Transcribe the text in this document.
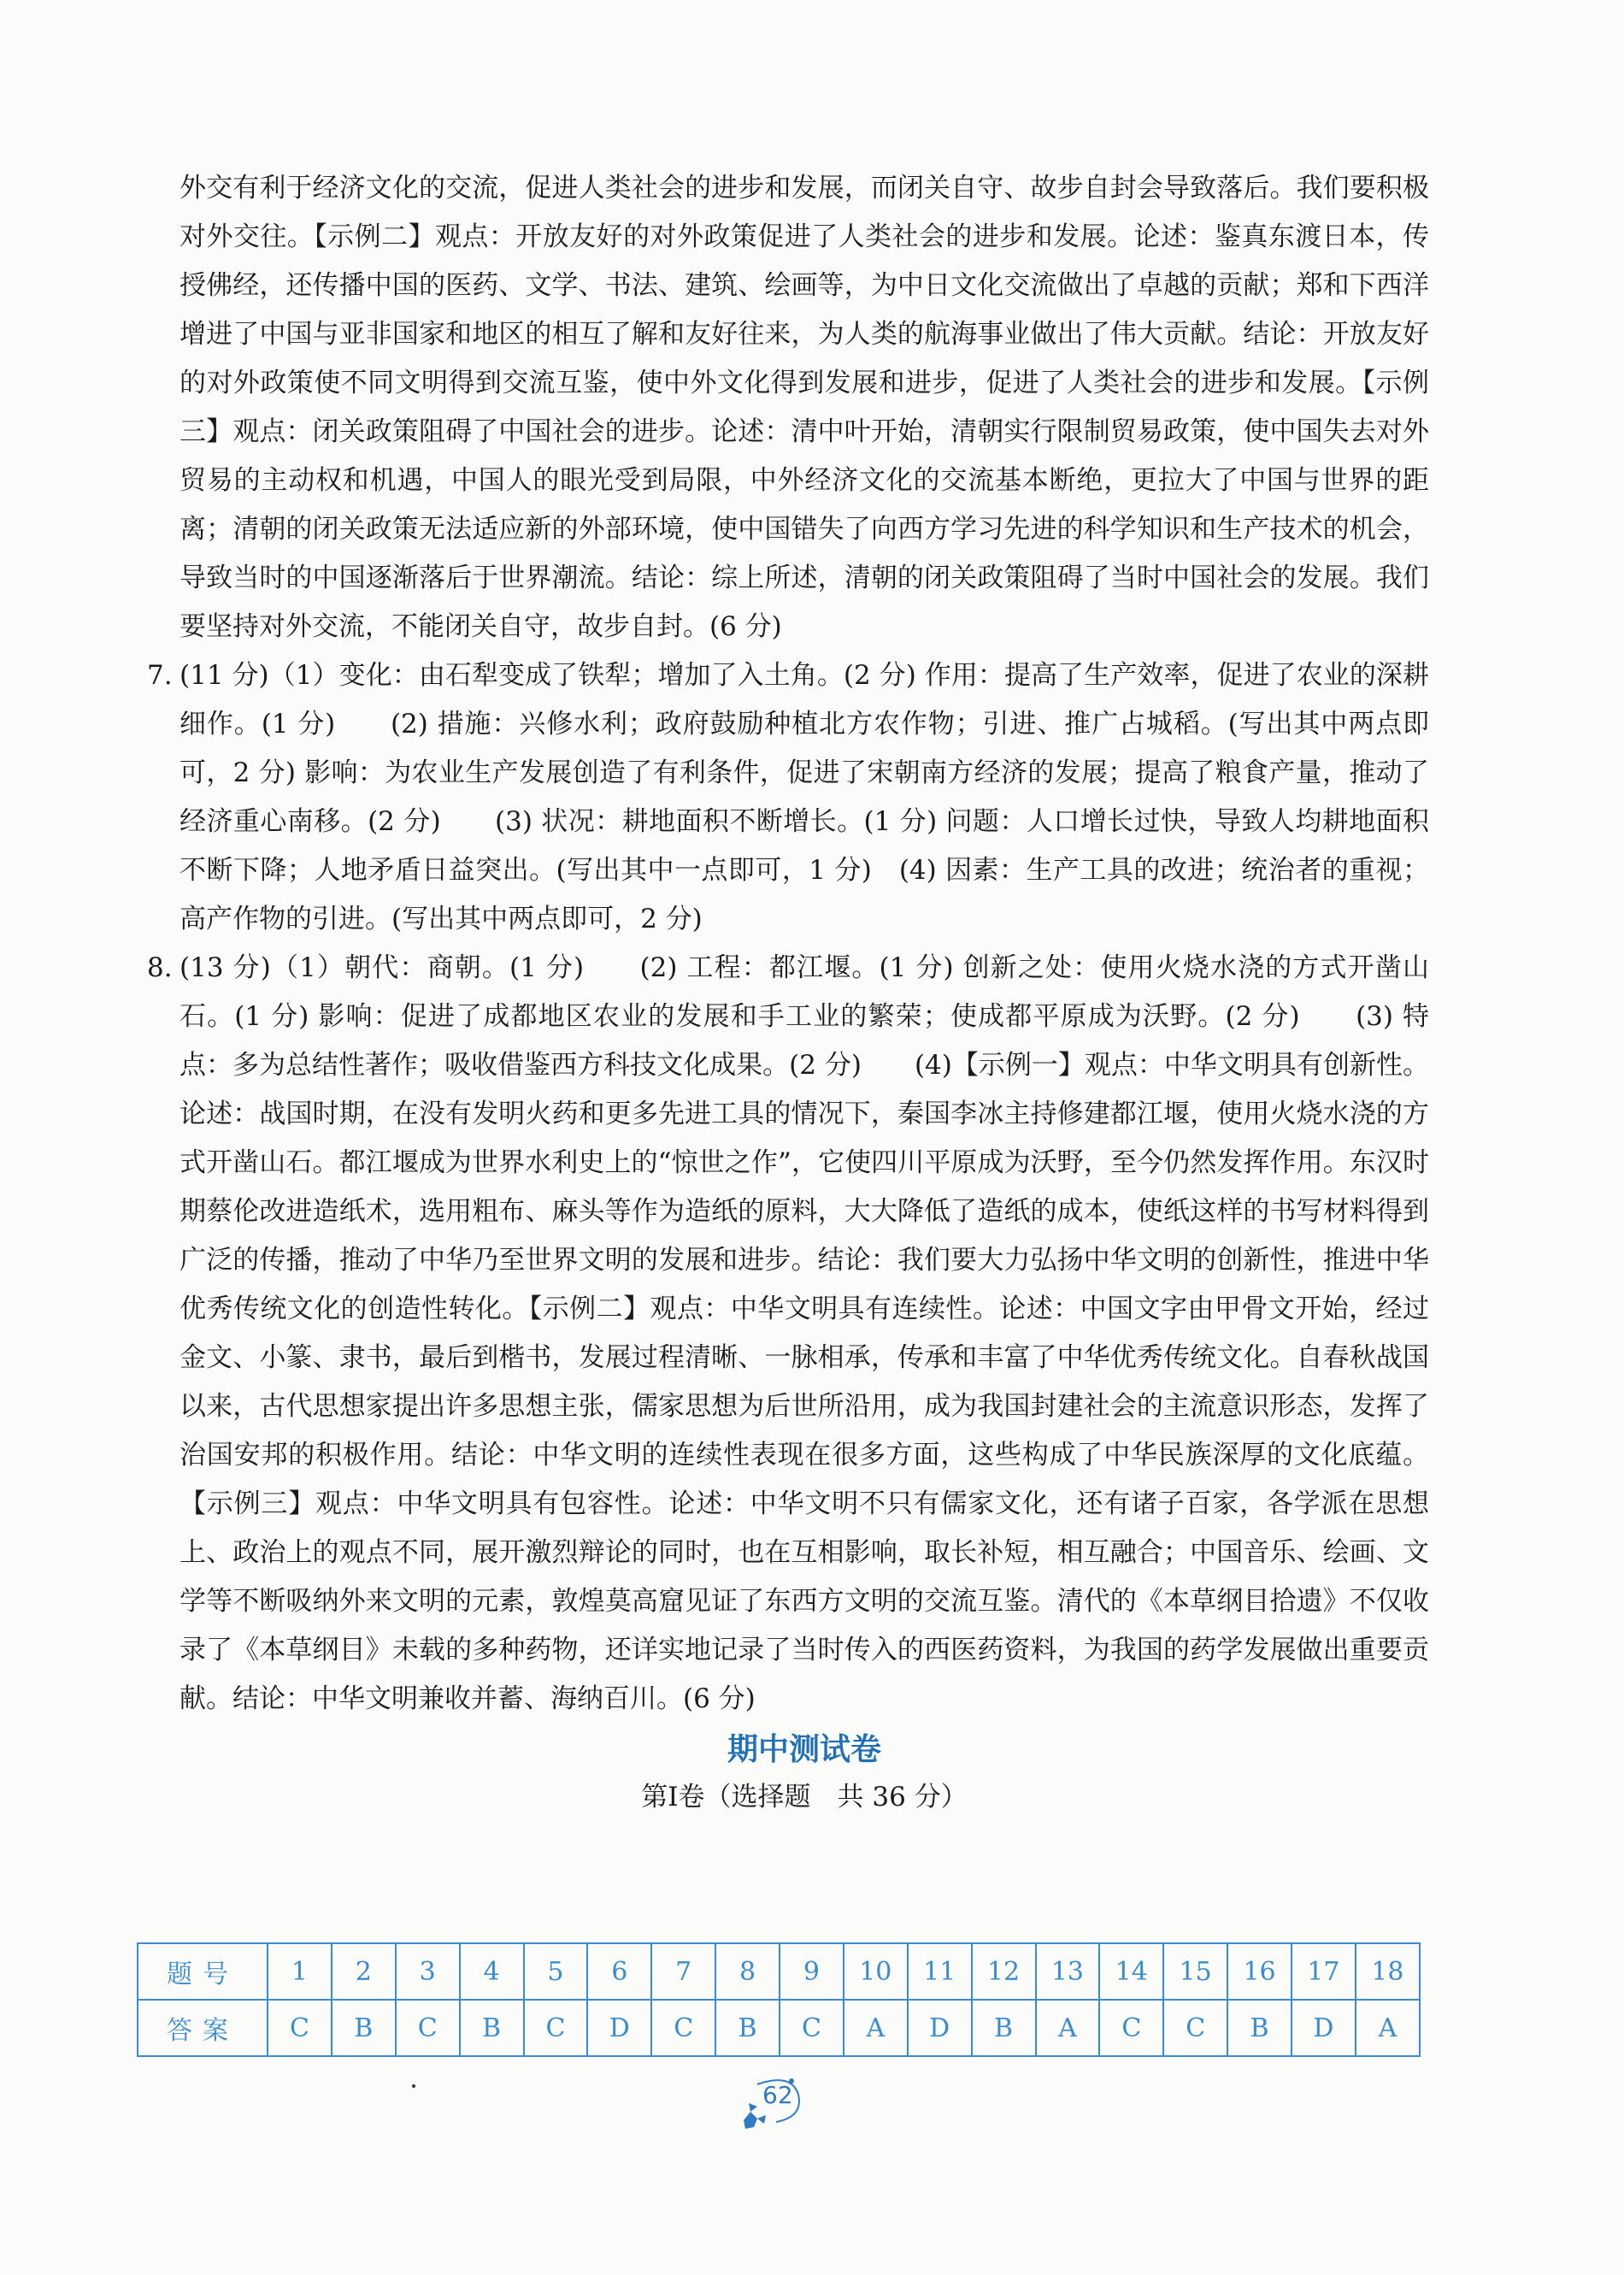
外交有利于经济文化的交流，促进人类社会的进步和发展，而闭关自守、故步自封会导致落后。我们要积极对外交往。【示例二】观点：开放友好的对外政策促进了人类社会的进步和发展。论述：鉴真东渡日本，传授佛经，还传播中国的医药、文学、书法、建筑、绘画等，为中日文化交流做出了卓越的贡献；郑和下西洋增进了中国与亚非国家和地区的相互了解和友好往来，为人类的航海事业做出了伟大贡献。结论：开放友好的对外政策使不同文明得到交流互鉴，使中外文化得到发展和进步，促进了人类社会的进步和发展。【示例三】观点：闭关政策阻碍了中国社会的进步。论述：清中叶开始，清朝实行限制贸易政策，使中国失去对外贸易的主动权和机遇，中国人的眼光受到局限，中外经济文化的交流基本断绝，更拉大了中国与世界的距离；清朝的闭关政策无法适应新的外部环境，使中国错失了向西方学习先进的科学知识和生产技术的机会，导致当时的中国逐渐落后于世界潮流。结论：综上所述，清朝的闭关政策阻碍了当时中国社会的发展。我们要坚持对外交流，不能闭关自守，故步自封。(6 分)

7. (11 分)（1）变化：由石犁变成了铁犁；增加了入土角。(2 分) 作用：提高了生产效率，促进了农业的深耕细作。(1 分)　　(2) 措施：兴修水利；政府鼓励种植北方农作物；引进、推广占城稻。(写出其中两点即可，2 分) 影响：为农业生产发展创造了有利条件，促进了宋朝南方经济的发展；提高了粮食产量，推动了经济重心南移。(2 分)　　(3) 状况：耕地面积不断增长。(1 分) 问题：人口增长过快，导致人均耕地面积不断下降；人地矛盾日益突出。(写出其中一点即可，1 分)　(4) 因素：生产工具的改进；统治者的重视；高产作物的引进。(写出其中两点即可，2 分)

8. (13 分)（1）朝代：商朝。(1 分)　　(2) 工程：都江堰。(1 分) 创新之处：使用火烧水浇的方式开凿山石。(1 分) 影响：促进了成都地区农业的发展和手工业的繁荣；使成都平原成为沃野。(2 分)　　(3) 特点：多为总结性著作；吸收借鉴西方科技文化成果。(2 分)　　(4)【示例一】观点：中华文明具有创新性。论述：战国时期，在没有发明火药和更多先进工具的情况下，秦国李冰主持修建都江堰，使用火烧水浇的方式开凿山石。都江堰成为世界水利史上的“惊世之作”，它使四川平原成为沃野，至今仍然发挥作用。东汉时期蔡伦改进造纸术，选用粗布、麻头等作为造纸的原料，大大降低了造纸的成本，使纸这样的书写材料得到广泛的传播，推动了中华乃至世界文明的发展和进步。结论：我们要大力弘扬中华文明的创新性，推进中华优秀传统文化的创造性转化。【示例二】观点：中华文明具有连续性。论述：中国文字由甲骨文开始，经过金文、小篆、隶书，最后到楷书，发展过程清晰、一脉相承，传承和丰富了中华优秀传统文化。自春秋战国以来，古代思想家提出许多思想主张，儒家思想为后世所沿用，成为我国封建社会的主流意识形态，发挥了治国安邦的积极作用。结论：中华文明的连续性表现在很多方面，这些构成了中华民族深厚的文化底蕴。【示例三】观点：中华文明具有包容性。论述：中华文明不只有儒家文化，还有诸子百家，各学派在思想上、政治上的观点不同，展开激烈辩论的同时，也在互相影响，取长补短，相互融合；中国音乐、绘画、文学等不断吸纳外来文明的元素，敦煌莫高窟见证了东西方文明的交流互鉴。清代的《本草纲目拾遗》不仅收录了《本草纲目》未载的多种药物，还详实地记录了当时传入的西医药资料，为我国的药学发展做出重要贡献。结论：中华文明兼收并蓄、海纳百川。(6 分)

期中测试卷
第Ⅰ卷（选择题　共 36 分）
题号	1	2	3	4	5	6	7	8	9	10	11	12	13	14	15	16	17	18
答案	C	B	C	B	C	D	C	B	C	A	D	B	A	C	C	B	D	A
62
